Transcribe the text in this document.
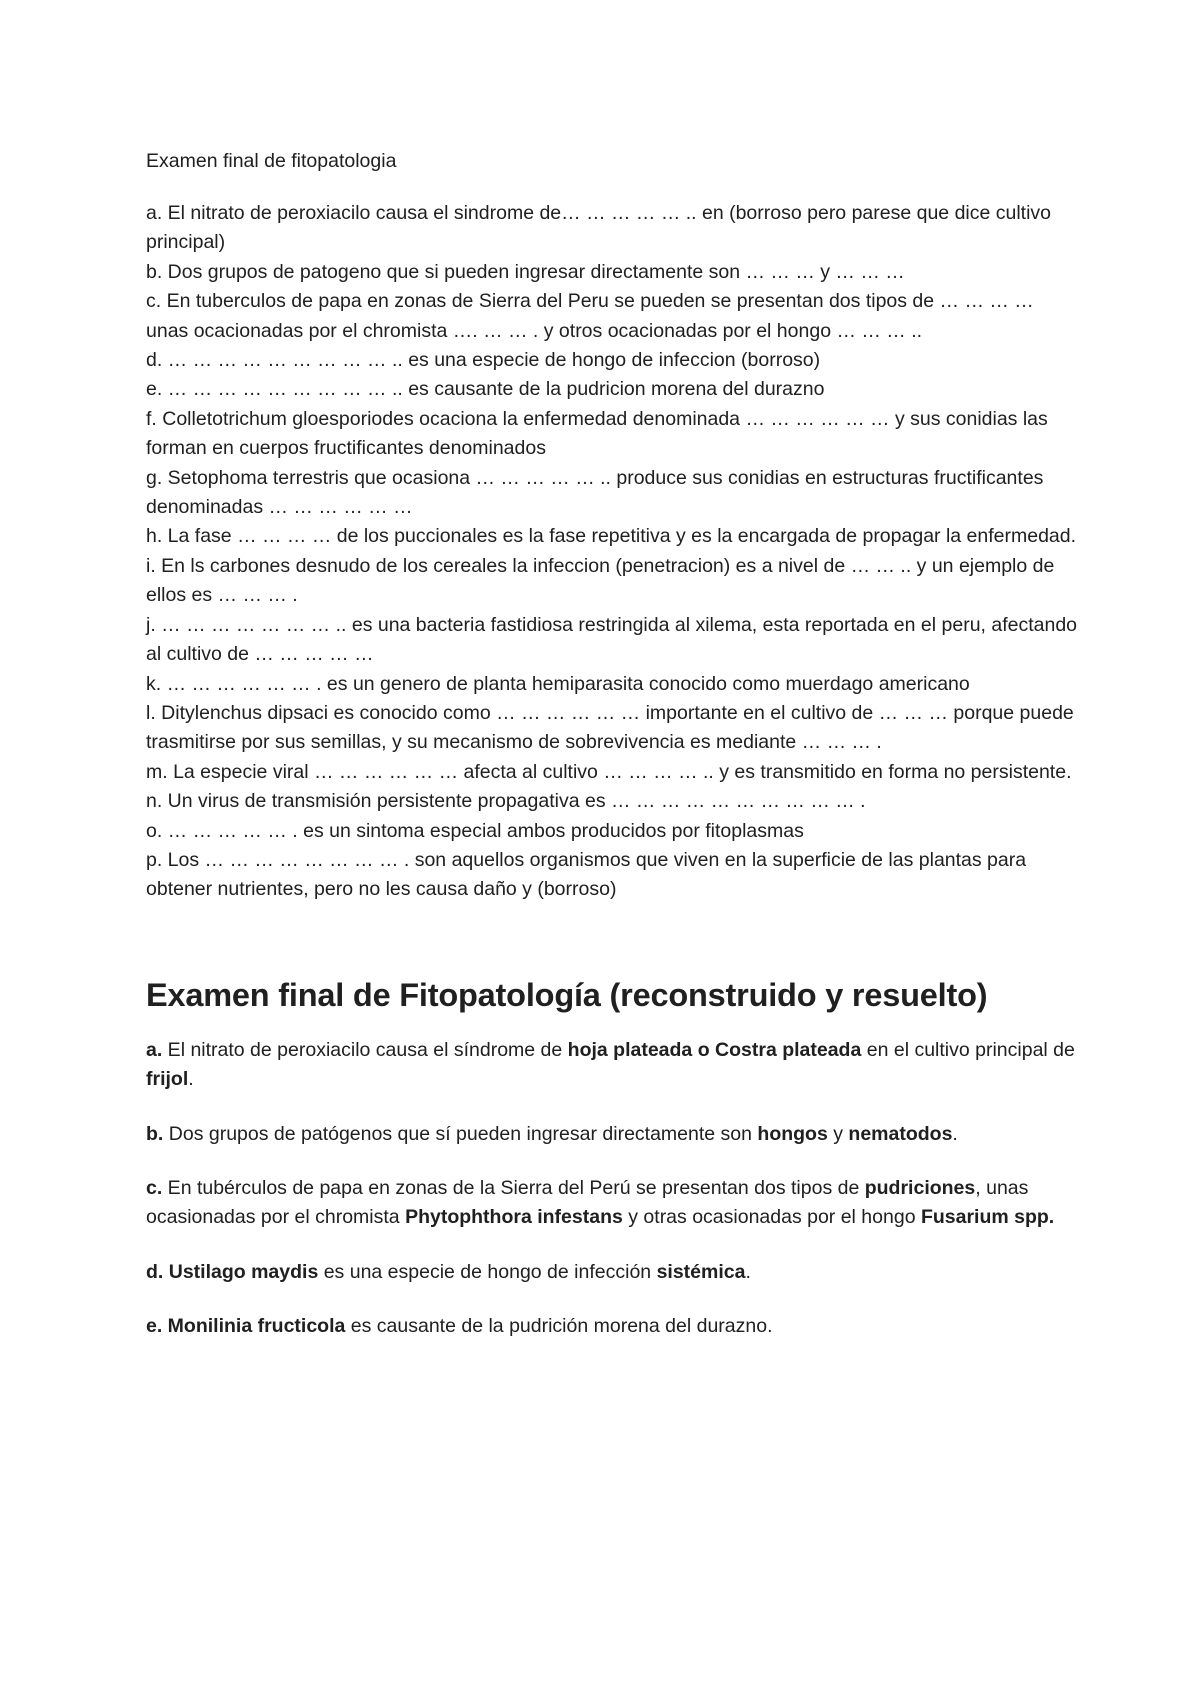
Examen final de fitopatologia

a. El nitrato de peroxiacilo causa el sindrome de… … … … … .. en (borroso pero parese que dice cultivo principal)

b. Dos grupos de patogeno que si pueden ingresar directamente son … … … y … … …

c. En tuberculos de papa en zonas de Sierra del Peru se pueden se presentan dos tipos de … … … … unas ocacionadas por el chromista …. … … . y otros ocacionadas por el hongo … … … ..

d. … … … … … … … … … .. es una especie de hongo de infeccion (borroso)

e. … … … … … … … … … .. es causante de la pudricion morena del durazno

f. Colletotrichum gloesporiodes ocaciona la enfermedad denominada … … … … … … y sus conidias las forman en cuerpos fructificantes denominados

g. Setophoma terrestris que ocasiona … … … … … .. produce sus conidias en estructuras fructificantes denominadas … … … … … …

h. La fase … … … … de los puccionales es la fase repetitiva y es la encargada de propagar la enfermedad.

i. En ls carbones desnudo de los cereales la infeccion (penetracion) es a nivel de … … .. y un ejemplo de ellos es … … … .

j. … … … … … … … .. es una bacteria fastidiosa restringida al xilema, esta reportada en el peru, afectando al cultivo de … … … … …

k. … … … … … … . es un genero de planta hemiparasita conocido como muerdago americano

l. Ditylenchus dipsaci es conocido como … … … … … … importante en el cultivo de … … … porque puede trasmitirse por sus semillas, y su mecanismo de sobrevivencia es mediante … … … .

m. La especie viral … … … … … … afecta al cultivo … … … … .. y es transmitido en forma no persistente.

n. Un virus de transmisión persistente propagativa es … … … … … … … … … … .

o. … … … … … . es un sintoma especial ambos producidos por fitoplasmas

p. Los … … … … … … … … . son aquellos organismos que viven en la superficie de las plantas para obtener nutrientes, pero no les causa daño y (borroso)

Examen final de Fitopatología (reconstruido y resuelto)

a. El nitrato de peroxiacilo causa el síndrome de hoja plateada o Costra plateada en el cultivo principal de frijol.

b. Dos grupos de patógenos que sí pueden ingresar directamente son hongos y nematodos.

c. En tubérculos de papa en zonas de la Sierra del Perú se presentan dos tipos de pudriciones, unas ocasionadas por el chromista Phytophthora infestans y otras ocasionadas por el hongo Fusarium spp.

d. Ustilago maydis es una especie de hongo de infección sistémica.

e. Monilinia fructicola es causante de la pudrición morena del durazno.
